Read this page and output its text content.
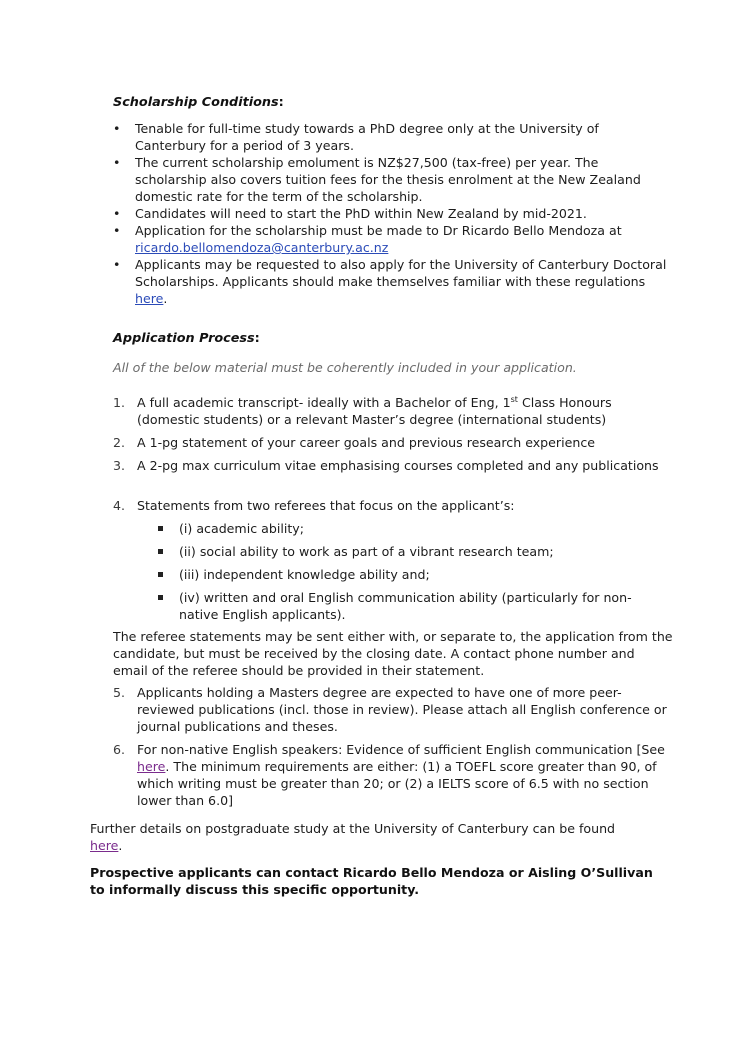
Scholarship Conditions:
• Tenable for full-time study towards a PhD degree only at the University of Canterbury for a period of 3 years.
• The current scholarship emolument is NZ$27,500 (tax-free) per year. The scholarship also covers tuition fees for the thesis enrolment at the New Zealand domestic rate for the term of the scholarship.
• Candidates will need to start the PhD within New Zealand by mid-2021.
• Application for the scholarship must be made to Dr Ricardo Bello Mendoza at
ricardo.bellomendoza@canterbury.ac.nz
• Applicants may be requested to also apply for the University of Canterbury Doctoral Scholarships. Applicants should make themselves familiar with these regulations here.
Application Process:
All of the below material must be coherently included in your application.
1. A full academic transcript- ideally with a Bachelor of Eng, 1st Class Honours (domestic students) or a relevant Master’s degree (international students)
2. A 1-pg statement of your career goals and previous research experience
3. A 2-pg max curriculum vitae emphasising courses completed and any publications
4. Statements from two referees that focus on the applicant’s:
(i) academic ability;
(ii) social ability to work as part of a vibrant research team;
(iii) independent knowledge ability and;
(iv) written and oral English communication ability (particularly for non-native English applicants).
The referee statements may be sent either with, or separate to, the application from the candidate, but must be received by the closing date. A contact phone number and email of the referee should be provided in their statement.
5. Applicants holding a Masters degree are expected to have one of more peer-reviewed publications (incl. those in review). Please attach all English conference or journal publications and theses.
6. For non-native English speakers: Evidence of sufficient English communication [See here. The minimum requirements are either: (1) a TOEFL score greater than 90, of which writing must be greater than 20; or (2) a IELTS score of 6.5 with no section lower than 6.0]
Further details on postgraduate study at the University of Canterbury can be found
here.
Prospective applicants can contact Ricardo Bello Mendoza or Aisling O’Sullivan to informally discuss this specific opportunity.
